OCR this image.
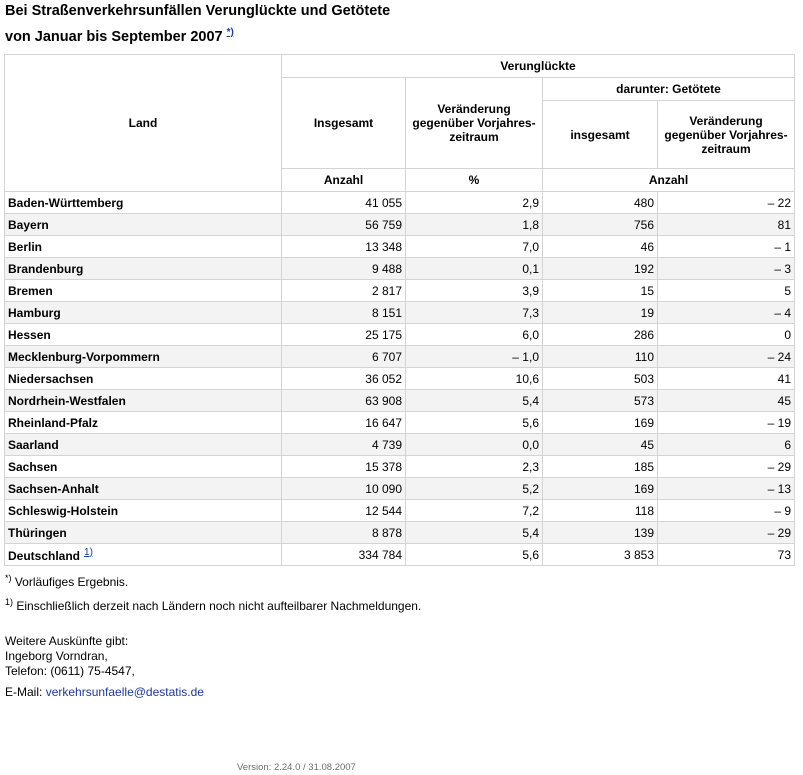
Bei Straßenverkehrsunfällen Verunglückte und Getötete
von Januar bis September 2007 *)
Land	Verunglückte			
	Insgesamt	Veränderung gegenüber Vorjahres-zeitraum	darunter: Getötete	
			insgesamt	Veränderung gegenüber Vorjahres-zeitraum
	Anzahl	%	Anzahl	
Baden-Württemberg	41 055	2,9	480	– 22
Bayern	56 759	1,8	756	81
Berlin	13 348	7,0	46	– 1
Brandenburg	9 488	0,1	192	– 3
Bremen	2 817	3,9	15	5
Hamburg	8 151	7,3	19	– 4
Hessen	25 175	6,0	286	0
Mecklenburg-Vorpommern	6 707	– 1,0	110	– 24
Niedersachsen	36 052	10,6	503	41
Nordrhein-Westfalen	63 908	5,4	573	45
Rheinland-Pfalz	16 647	5,6	169	– 19
Saarland	4 739	0,0	45	6
Sachsen	15 378	2,3	185	– 29
Sachsen-Anhalt	10 090	5,2	169	– 13
Schleswig-Holstein	12 544	7,2	118	– 9
Thüringen	8 878	5,4	139	– 29
Deutschland $^{1)}$	334 784	5,6	3 853	73
*) Vorläufiges Ergebnis.
$^{1)}$ Einschließlich derzeit nach Ländern noch nicht aufteilbarer Nachmeldungen.
Weitere Auskünfte gibt:
Ingeborg Vorndran,
Telefon: (0611) 75-4547,
E-Mail: verkehrsunfaelle@destatis.de
Version: 2.24.0 / 31.08.2007
